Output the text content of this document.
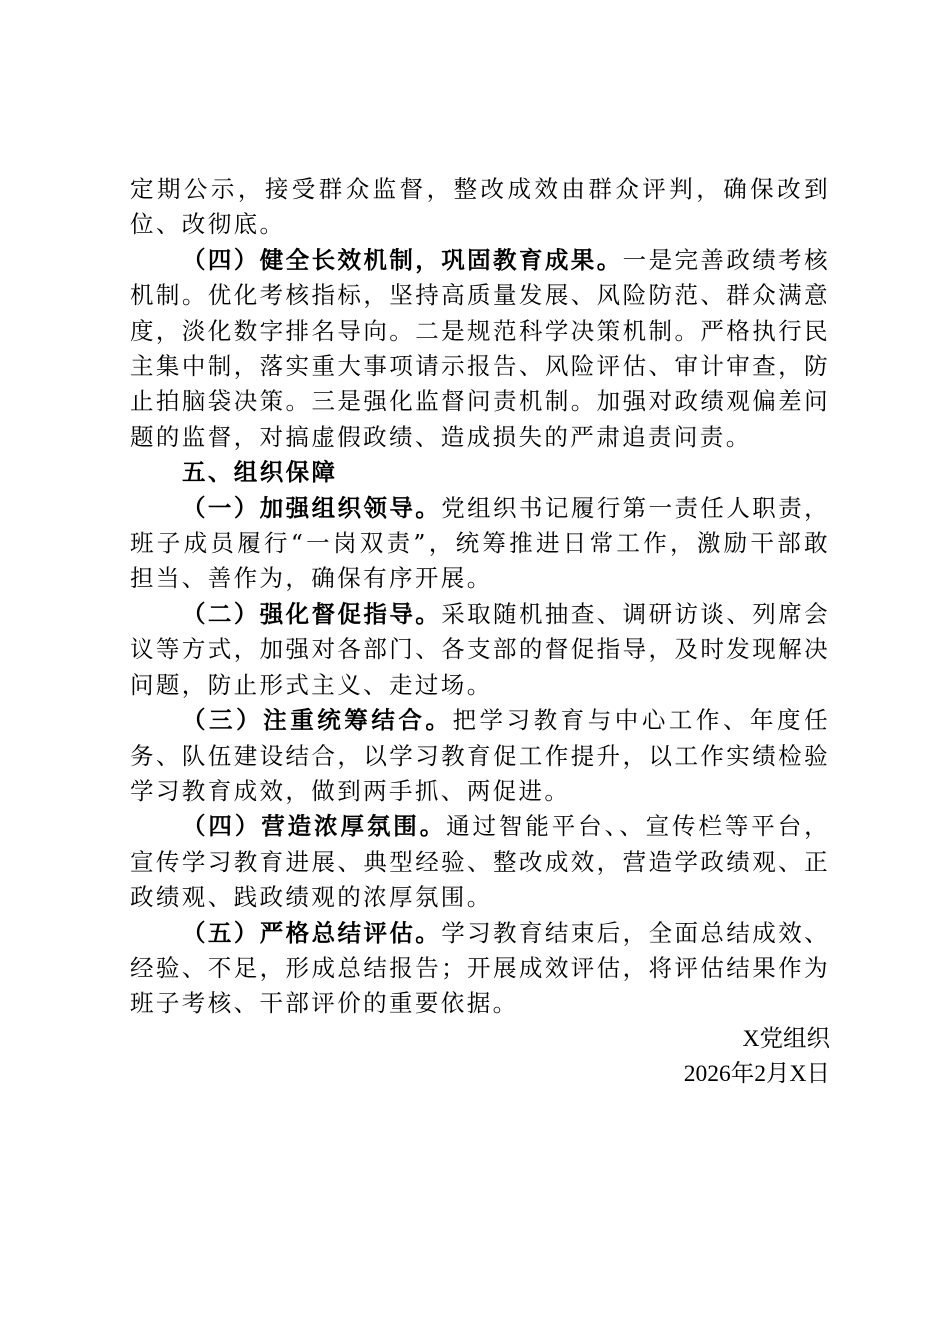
定期公示，接受群众监督，整改成效由群众评判，确保改到位、改彻底。

（四）健全长效机制，巩固教育成果。一是完善政绩考核机制。优化考核指标，坚持高质量发展、风险防范、群众满意度，淡化数字排名导向。二是规范科学决策机制。严格执行民主集中制，落实重大事项请示报告、风险评估、审计审查，防止拍脑袋决策。三是强化监督问责机制。加强对政绩观偏差问题的监督，对搞虚假政绩、造成损失的严肃追责问责。

五、组织保障

（一）加强组织领导。党组织书记履行第一责任人职责，班子成员履行“一岗双责”，统筹推进日常工作，激励干部敢担当、善作为，确保有序开展。

（二）强化督促指导。采取随机抽查、调研访谈、列席会议等方式，加强对各部门、各支部的督促指导，及时发现解决问题，防止形式主义、走过场。

（三）注重统筹结合。把学习教育与中心工作、年度任务、队伍建设结合，以学习教育促工作提升，以工作实绩检验学习教育成效，做到两手抓、两促进。

（四）营造浓厚氛围。通过智能平台、、宣传栏等平台，宣传学习教育进展、典型经验、整改成效，营造学政绩观、正政绩观、践政绩观的浓厚氛围。

（五）严格总结评估。学习教育结束后，全面总结成效、经验、不足，形成总结报告；开展成效评估，将评估结果作为班子考核、干部评价的重要依据。

X党组织

2026年2月X日
